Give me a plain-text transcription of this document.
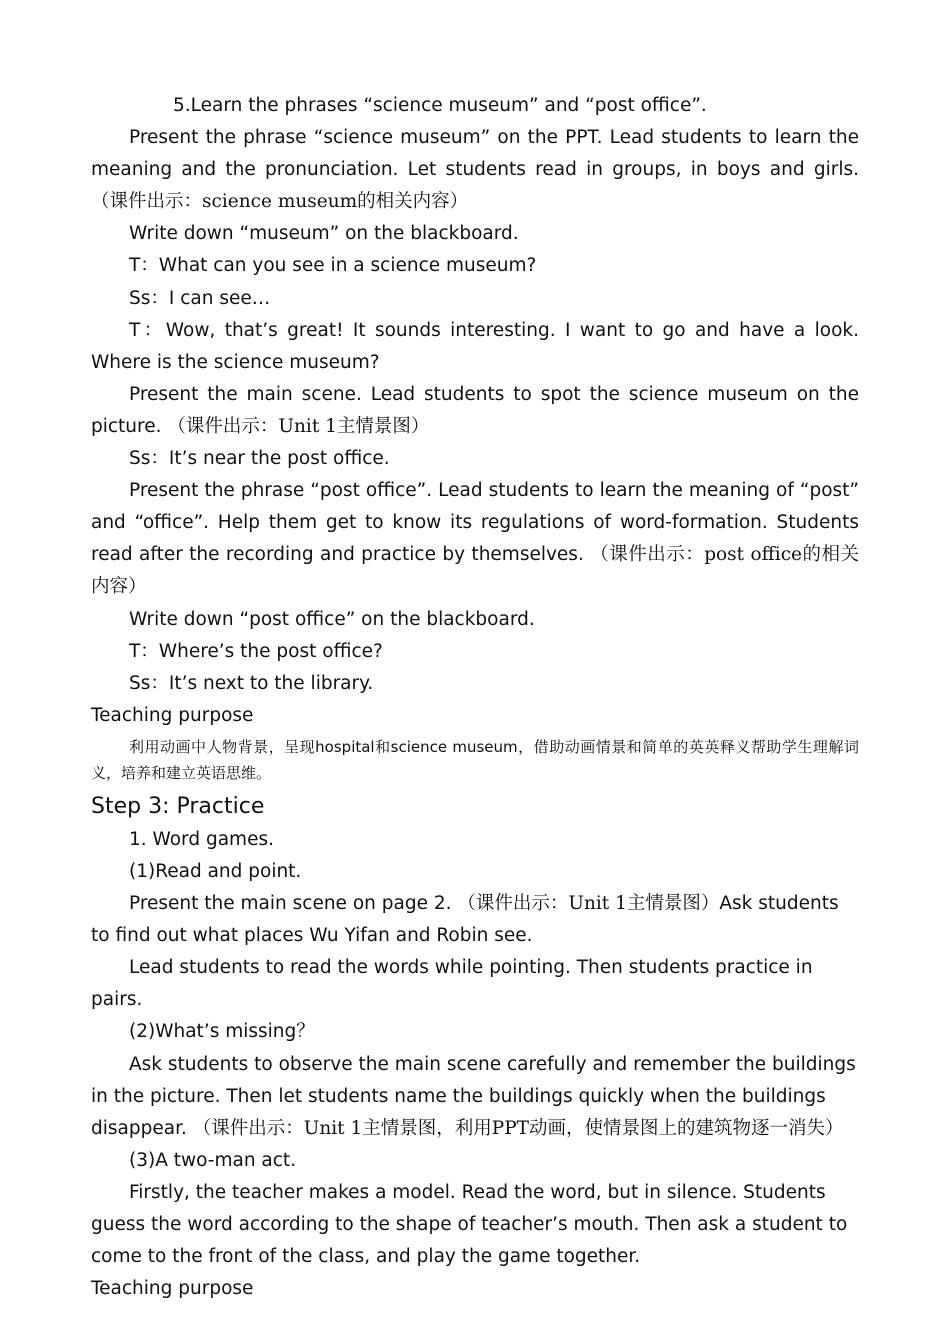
5.Learn the phrases “science museum” and “post office”.

Present the phrase “science museum” on the PPT. Lead students to learn the meaning and the pronunciation. Let students read in groups, in boys and girls. （课件出示：science museum的相关内容）

Write down “museum” on the blackboard.

T：What can you see in a science museum?

Ss：I can see…

T：Wow, that’s great! It sounds interesting. I want to go and have a look. Where is the science museum?

Present the main scene. Lead students to spot the science museum on the picture. （课件出示：Unit 1主情景图）

Ss：It’s near the post office.

Present the phrase “post office”. Lead students to learn the meaning of “post” and “office”. Help them get to know its regulations of word-formation. Students read after the recording and practice by themselves. （课件出示：post office的相关内容）

Write down “post office” on the blackboard.

T：Where’s the post office?

Ss：It’s next to the library.

Teaching purpose

利用动画中人物背景，呈现hospital和science museum，借助动画情景和简单的英英释义帮助学生理解词义，培养和建立英语思维。

Step 3: Practice

1. Word games.

(1)Read and point.

Present the main scene on page 2. （课件出示：Unit 1主情景图）Ask students to find out what places Wu Yifan and Robin see.

Lead students to read the words while pointing. Then students practice in pairs.

(2)What’s missing？

Ask students to observe the main scene carefully and remember the buildings in the picture. Then let students name the buildings quickly when the buildings disappear. （课件出示：Unit 1主情景图，利用PPT动画，使情景图上的建筑物逐一消失）

(3)A two-man act.

Firstly, the teacher makes a model. Read the word, but in silence. Students guess the word according to the shape of teacher’s mouth. Then ask a student to come to the front of the class, and play the game together.

Teaching purpose
